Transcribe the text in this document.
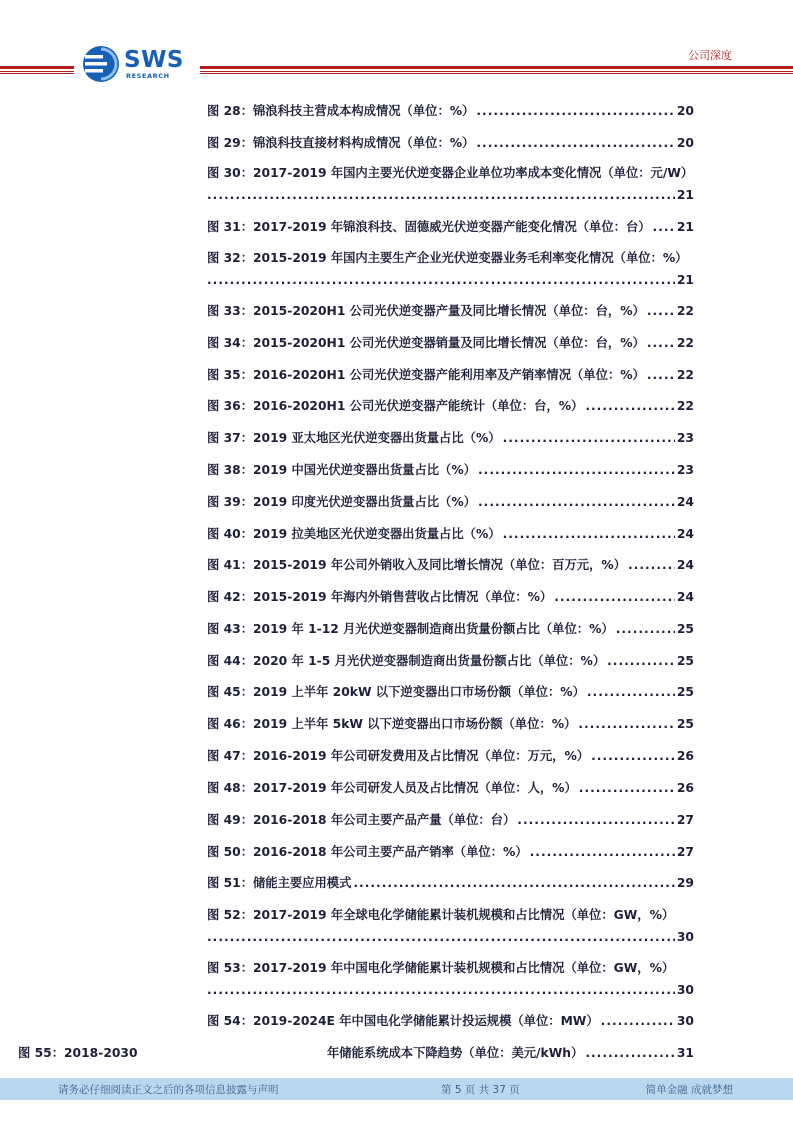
SWS
RESEARCH
公司深度
图 28：锦浪科技主营成本构成情况（单位：%） .....	20
图 29：锦浪科技直接材料构成情况（单位：%） .....	20
图 30：2017-2019 年国内主要光伏逆变器企业单位功率成本变化情况（单位：元/W）
.....
21
图 31：2017-2019 年锦浪科技、固德威光伏逆变器产能变化情况（单位：台） ..... 21
图 32：2015-2019 年国内主要生产企业光伏逆变器业务毛利率变化情况（单位：%）
.....
21
图 33：2015-2020H1 公司光伏逆变器产量及同比增长情况（单位：台，%） .....	22
图 34：2015-2020H1 公司光伏逆变器销量及同比增长情况（单位：台，%） .....	22
图 35：2016-2020H1 公司光伏逆变器产能利用率及产销率情况（单位：%） .....	22
图 36：2016-2020H1 公司光伏逆变器产能统计（单位：台，%） .....	22
图 37：2019 亚太地区光伏逆变器出货量占比（%） .....	23
图 38：2019 中国光伏逆变器出货量占比（%） .....	23
图 39：2019 印度光伏逆变器出货量占比（%） .....	24
图 40：2019 拉美地区光伏逆变器出货量占比（%） .....	24
图 41：2015-2019 年公司外销收入及同比增长情况（单位：百万元，%） .....	24
图 42：2015-2019 年海内外销售营收占比情况（单位：%） .....	24
图 43：2019 年 1-12 月光伏逆变器制造商出货量份额占比（单位：%） .....	25
图 44：2020 年 1-5 月光伏逆变器制造商出货量份额占比（单位：%） .....	25
图 45：2019 上半年 20kW 以下逆变器出口市场份额（单位：%） .....	25
图 46：2019 上半年 5kW 以下逆变器出口市场份额（单位：%） .....	25
图 47：2016-2019 年公司研发费用及占比情况（单位：万元，%） .....	26
图 48：2017-2019 年公司研发人员及占比情况（单位：人，%） .....	26
图 49：2016-2018 年公司主要产品产量（单位：台） .....	27
图 50：2016-2018 年公司主要产品产销率（单位：%） .....	27
图 51：储能主要应用模式 .....	29
图 52：2017-2019 年全球电化学储能累计装机规模和占比情况（单位：GW，%）
.....
30
图 53：2017-2019 年中国电化学储能累计装机规模和占比情况（单位：GW，%）
.....
30
图 54：2019-2024E 年中国电化学储能累计投运规模（单位：MW） .....	30
图 55：2018-2030	年储能系统成本下降趋势（单位：美元/kWh） .....	31
请务必仔细阅读正文之后的各项信息披露与声明	第 5 页 共 37 页	简单金融 成就梦想
